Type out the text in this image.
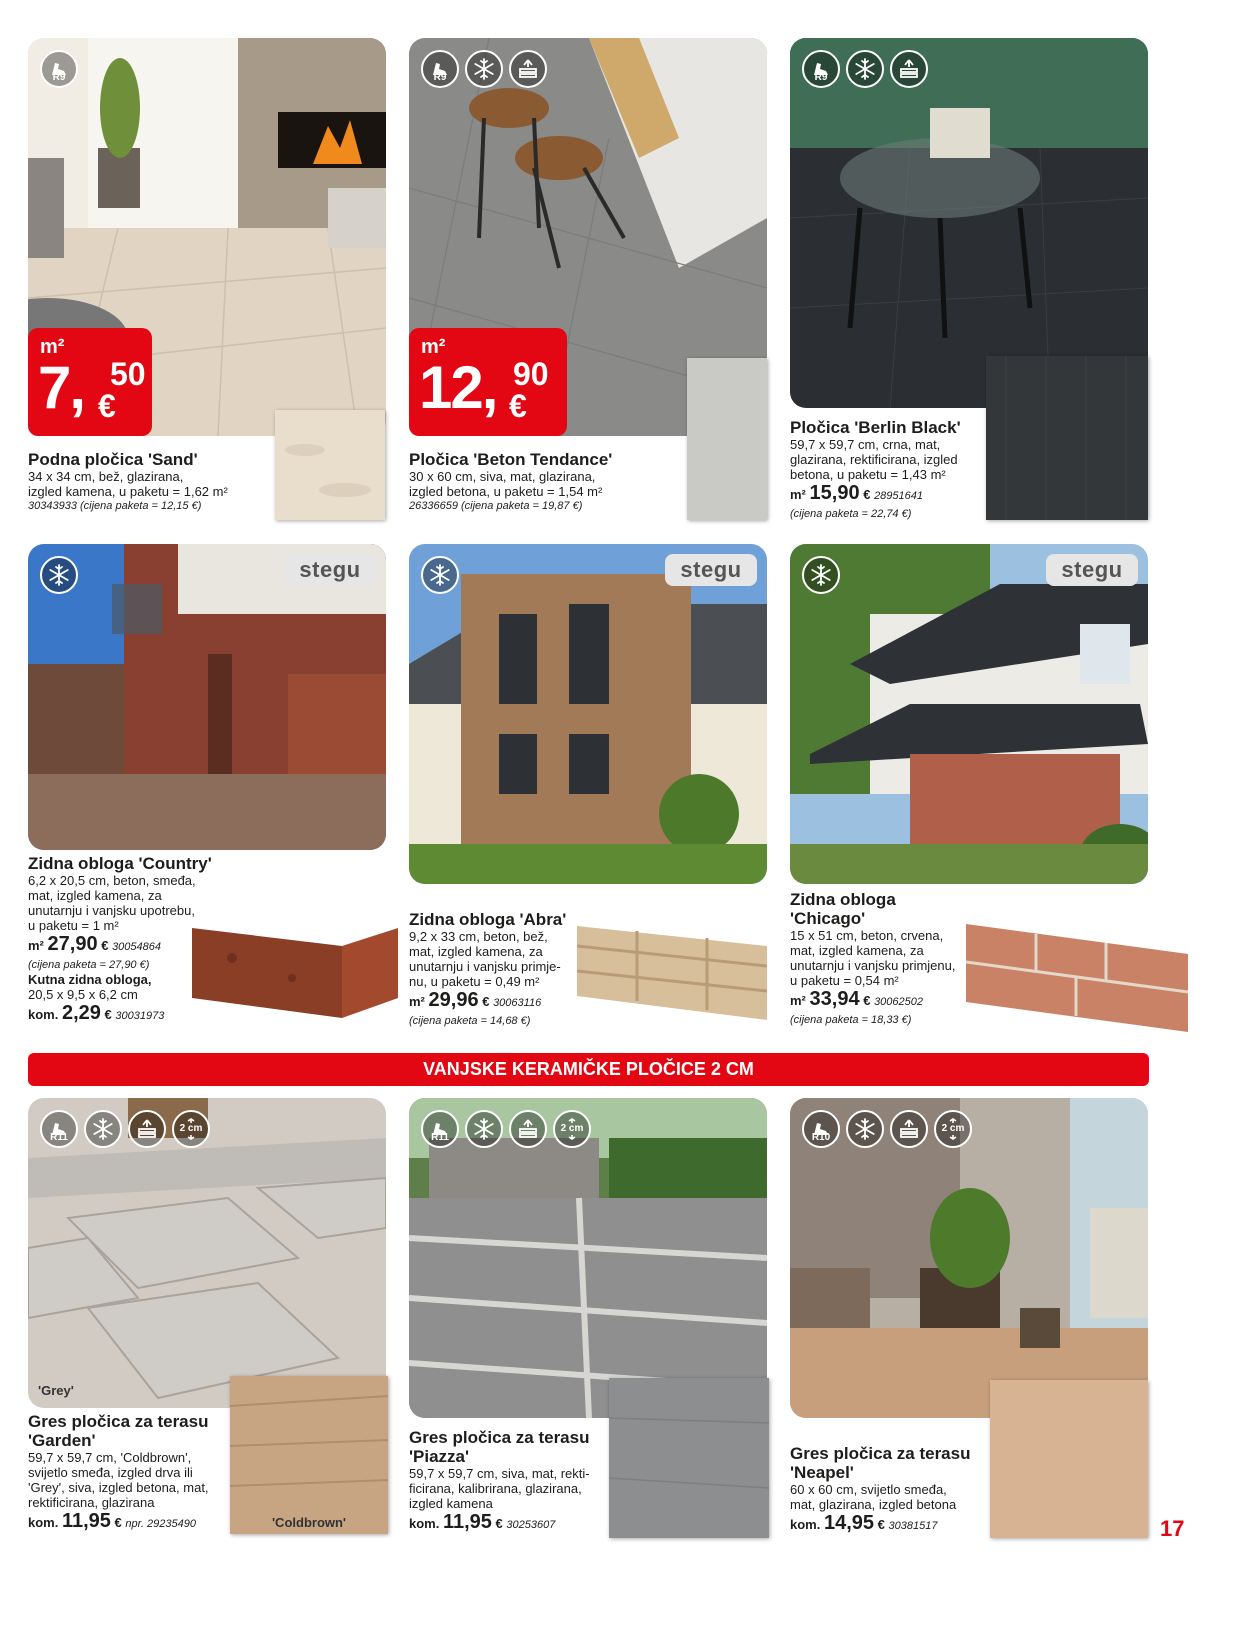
R9
m²
7, 50
€
Podna pločica 'Sand'
34 x 34 cm, bež, glazirana,
izgled kamena, u paketu = 1,62 m²
30343933 (cijena paketa = 12,15 €)
R9
m²
12, 90
€
Pločica 'Beton Tendance'
30 x 60 cm, siva, mat, glazirana,
izgled betona, u paketu = 1,54 m²
26336659 (cijena paketa = 19,87 €)
R9
Pločica 'Berlin Black'
59,7 x 59,7 cm, crna, mat,
glazirana, rektificirana, izgled
betona, u paketu = 1,43 m²
m² 15,90 € 28951641
(cijena paketa = 22,74 €)
stegu
Zidna obloga 'Country'
6,2 x 20,5 cm, beton, smeđa,
mat, izgled kamena, za
unutarnju i vanjsku upotrebu,
u paketu = 1 m²
m² 27,90 € 30054864
(cijena paketa = 27,90 €)
Kutna zidna obloga,
20,5 x 9,5 x 6,2 cm
kom. 2,29 € 30031973
stegu
Zidna obloga 'Abra'
9,2 x 33 cm, beton, bež,
mat, izgled kamena, za
unutarnju i vanjsku primje-
nu, u paketu = 0,49 m²
m² 29,96 € 30063116
(cijena paketa = 14,68 €)
stegu
Zidna obloga
'Chicago'
15 x 51 cm, beton, crvena,
mat, izgled kamena, za
unutarnju i vanjsku primjenu,
u paketu = 0,54 m²
m² 33,94 € 30062502
(cijena paketa = 18,33 €)
VANJSKE KERAMIČKE PLOČICE 2 CM
R11
2 cm
'Grey'
'Coldbrown'
Gres pločica za terasu
'Garden'
59,7 x 59,7 cm, 'Coldbrown',
svijetlo smeđa, izgled drva ili
'Grey', siva, izgled betona, mat,
rektificirana, glazirana
kom. 11,95 € npr. 29235490
R11
2 cm
Gres pločica za terasu
'Piazza'
59,7 x 59,7 cm, siva, mat, rekti-
ficirana, kalibrirana, glazirana,
izgled kamena
kom. 11,95 € 30253607
R10
2 cm
Gres pločica za terasu
'Neapel'
60 x 60 cm, svijetlo smeđa,
mat, glazirana, izgled betona
kom. 14,95 € 30381517	17
